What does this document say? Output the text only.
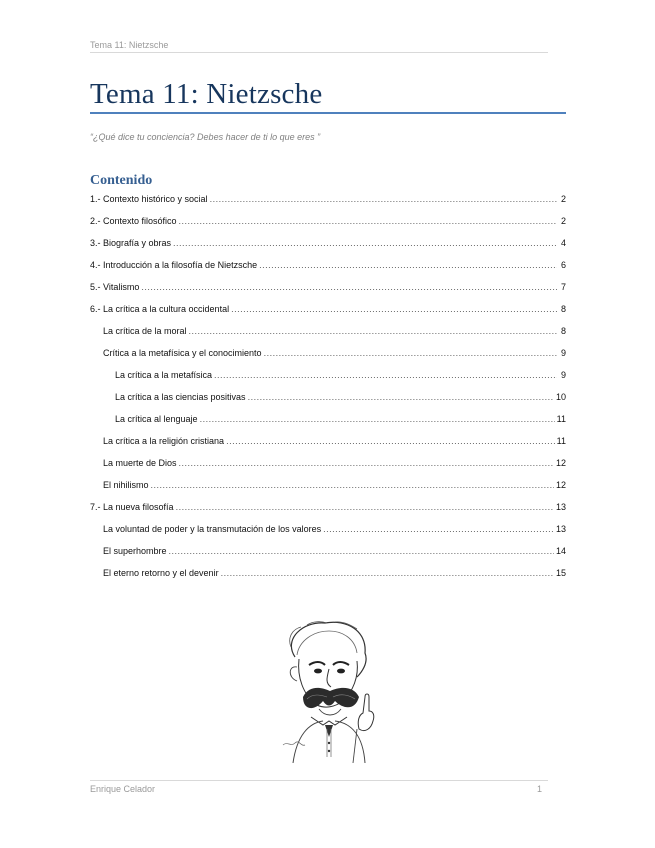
Tema 11: Nietzsche
Tema 11: Nietzsche
“¿Qué dice tu conciencia? Debes hacer de ti lo que eres ”
Contenido
1.- Contexto histórico y social .....	2
2.- Contexto filosófico .....	2
3.- Biografía y obras .....	4
4.- Introducción a la filosofía de Nietzsche .....	6
5.- Vitalismo .....	7
6.- La crítica a la cultura occidental .....	8
La crítica de la moral .....	8
Crítica a la metafísica y el conocimiento .....	9
La crítica a la metafísica .....	9
La crítica a las ciencias positivas .....	10
La crítica al lenguaje .....	11
La crítica a la religión cristiana .....	11
La muerte de Dios .....	12
El nihilismo .....	12
7.- La nueva filosofía .....	13
La voluntad de poder y la transmutación de los valores .....	13
El superhombre .....	14
El eterno retorno y el devenir .....	15
Enrique Celador	1
